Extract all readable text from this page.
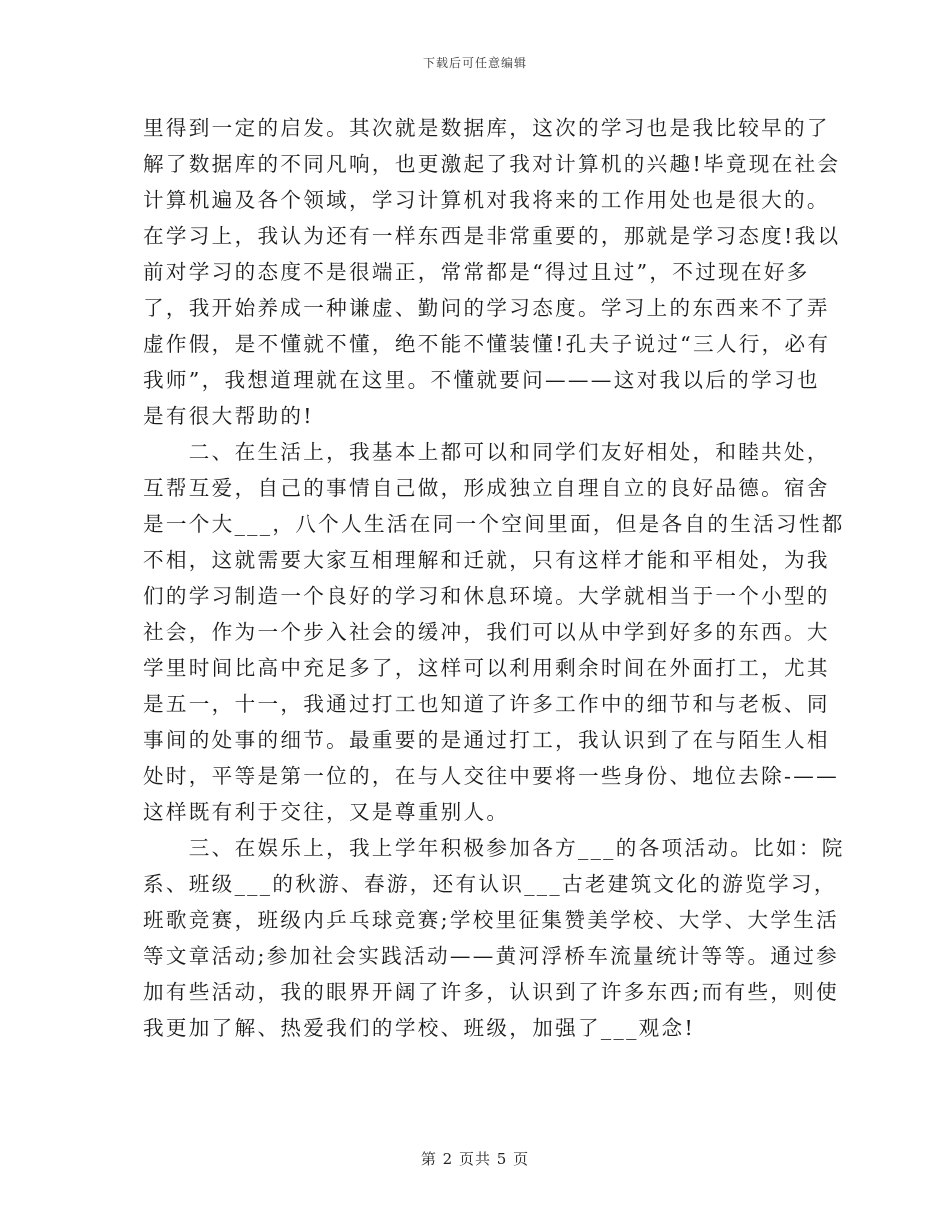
下载后可任意编辑
里得到一定的启发。其次就是数据库，这次的学习也是我比较早的了
解了数据库的不同凡响，也更激起了我对计算机的兴趣!毕竟现在社会
计算机遍及各个领域，学习计算机对我将来的工作用处也是很大的。
在学习上，我认为还有一样东西是非常重要的，那就是学习态度!我以
前对学习的态度不是很端正，常常都是“得过且过”，不过现在好多
了，我开始养成一种谦虚、勤问的学习态度。学习上的东西来不了弄
虚作假，是不懂就不懂，绝不能不懂装懂!孔夫子说过“三人行，必有
我师”，我想道理就在这里。不懂就要问———这对我以后的学习也
是有很大帮助的!
　　二、在生活上，我基本上都可以和同学们友好相处，和睦共处，
互帮互爱，自己的事情自己做，形成独立自理自立的良好品德。宿舍
是一个大___，八个人生活在同一个空间里面，但是各自的生活习性都
不相，这就需要大家互相理解和迁就，只有这样才能和平相处，为我
们的学习制造一个良好的学习和休息环境。大学就相当于一个小型的
社会，作为一个步入社会的缓冲，我们可以从中学到好多的东西。大
学里时间比高中充足多了，这样可以利用剩余时间在外面打工，尤其
是五一，十一，我通过打工也知道了许多工作中的细节和与老板、同
事间的处事的细节。最重要的是通过打工，我认识到了在与陌生人相
处时，平等是第一位的，在与人交往中要将一些身份、地位去除-——
这样既有利于交往，又是尊重别人。
　　三、在娱乐上，我上学年积极参加各方___的各项活动。比如：院
系、班级___的秋游、春游，还有认识___古老建筑文化的游览学习，
班歌竞赛，班级内乒乓球竞赛;学校里征集赞美学校、大学、大学生活
等文章活动;参加社会实践活动——黄河浮桥车流量统计等等。通过参
加有些活动，我的眼界开阔了许多，认识到了许多东西;而有些，则使
我更加了解、热爱我们的学校、班级，加强了___观念!
第 2 页共 5 页
